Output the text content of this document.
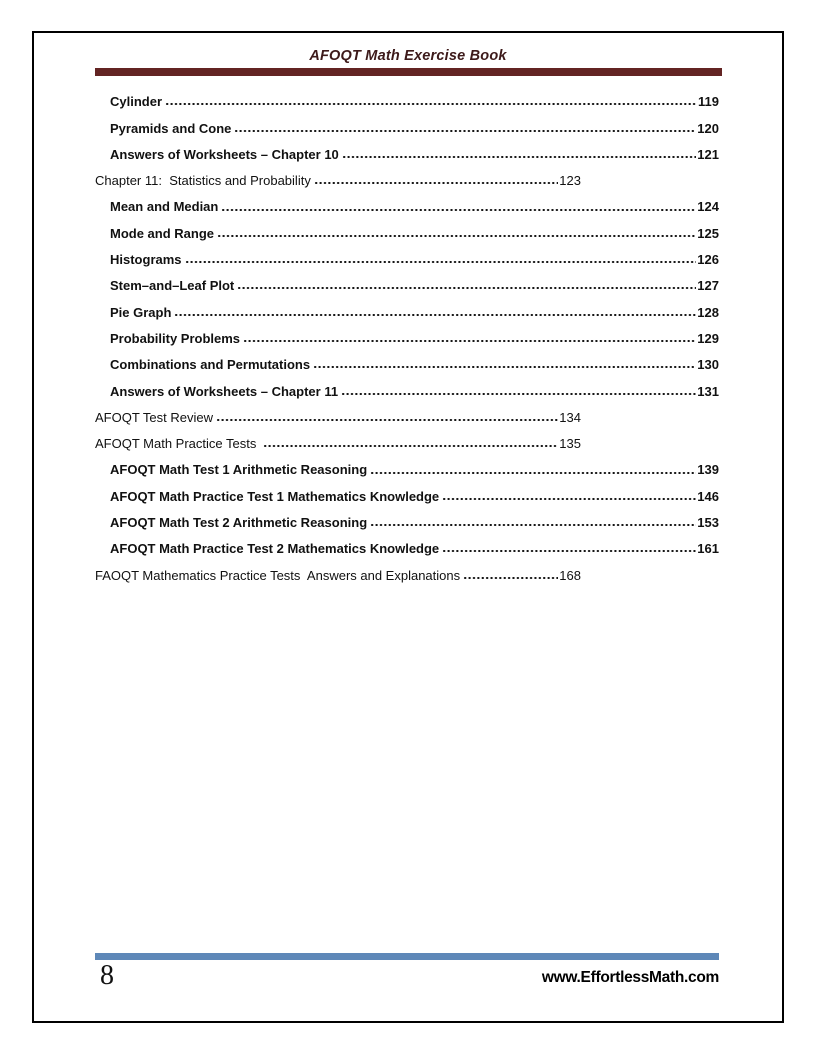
AFOQT Math Exercise Book
Cylinder	119
Pyramids and Cone	120
Answers of Worksheets – Chapter 10	121
Chapter 11:  Statistics and Probability	123
Mean and Median	124
Mode and Range	125
Histograms	126
Stem–and–Leaf Plot	127
Pie Graph	128
Probability Problems	129
Combinations and Permutations	130
Answers of Worksheets – Chapter 11	131
AFOQT Test Review	134
AFOQT Math Practice Tests	135
AFOQT Math Test 1 Arithmetic Reasoning	139
AFOQT Math Practice Test 1 Mathematics Knowledge	146
AFOQT Math Test 2 Arithmetic Reasoning	153
AFOQT Math Practice Test 2 Mathematics Knowledge	161
FAOQT Mathematics Practice Tests  Answers and Explanations	168
8	www.EffortlessMath.com
